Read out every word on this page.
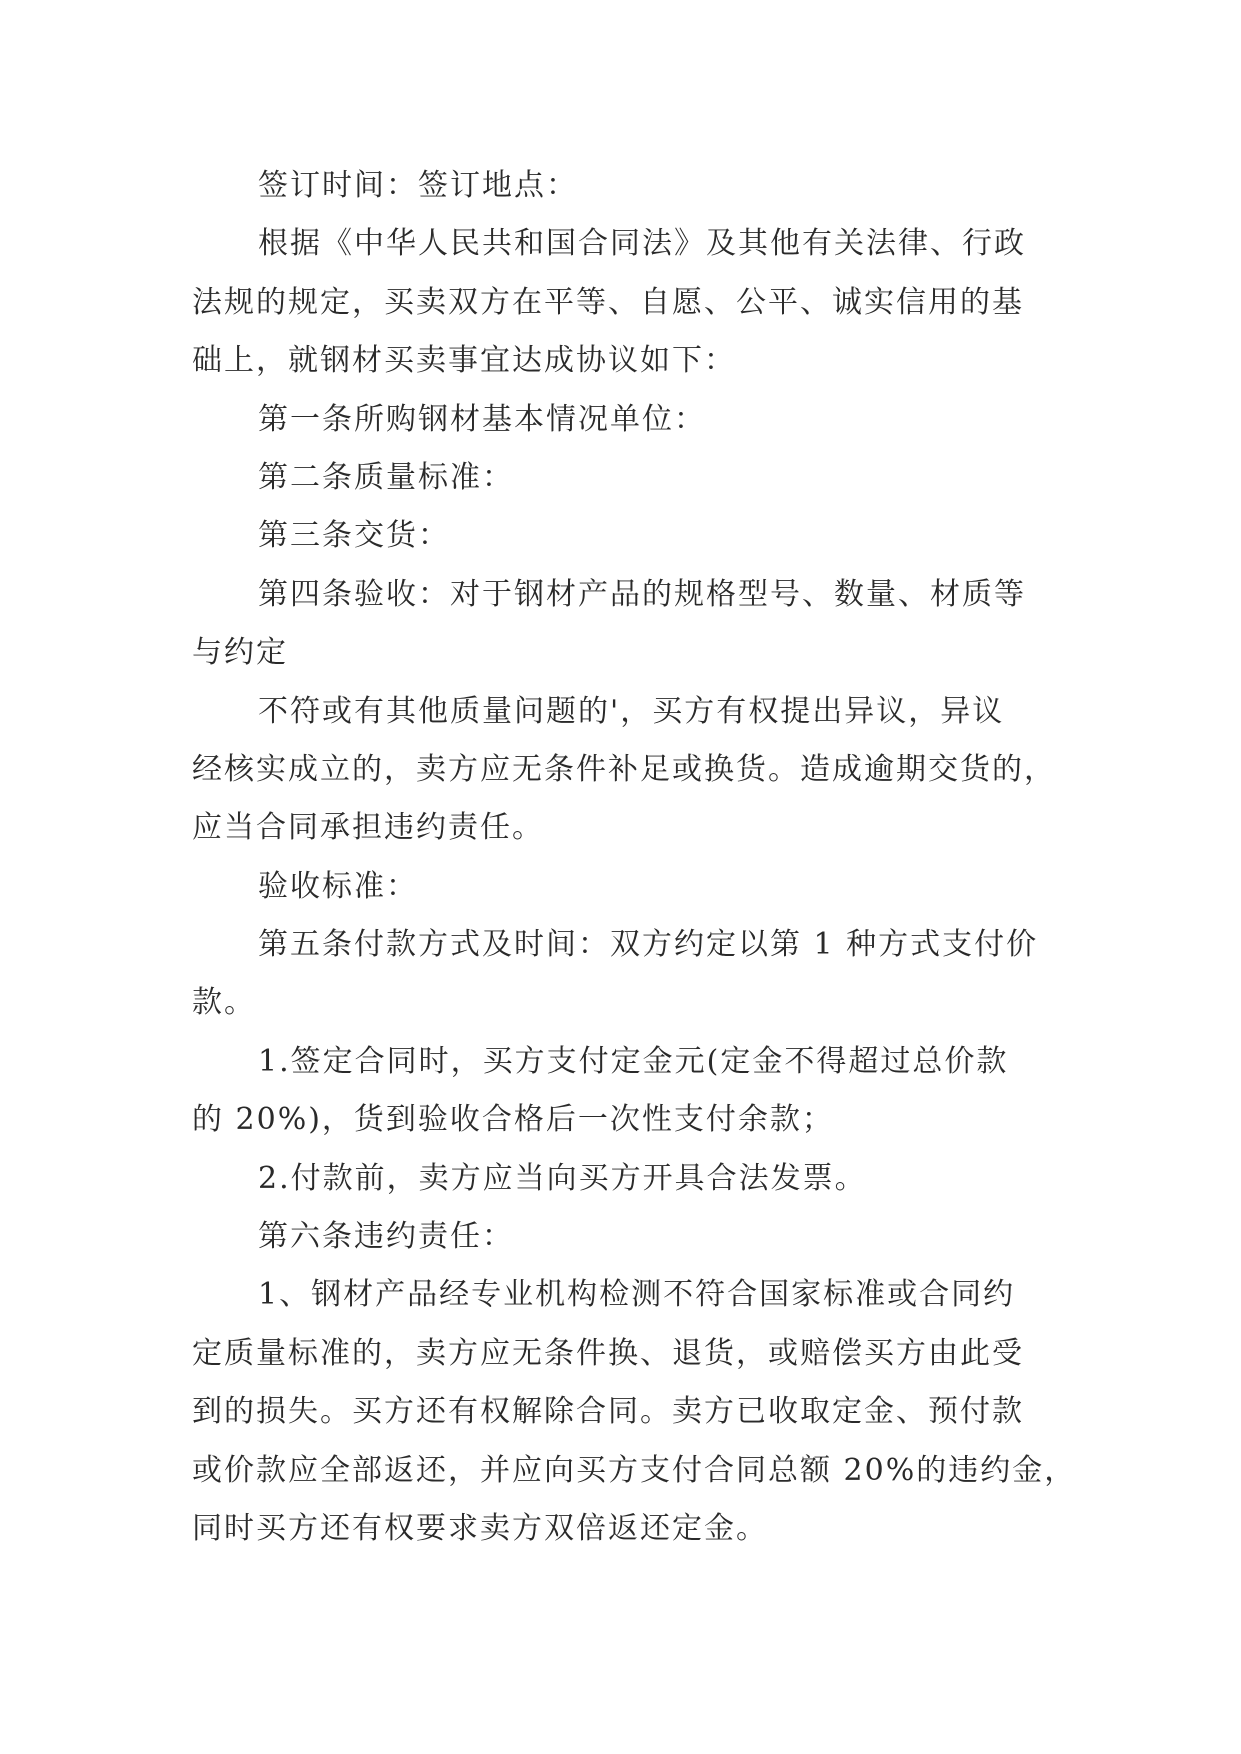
签订时间：签订地点：
根据《中华人民共和国合同法》及其他有关法律、行政
法规的规定，买卖双方在平等、自愿、公平、诚实信用的基
础上，就钢材买卖事宜达成协议如下：
第一条所购钢材基本情况单位：
第二条质量标准：
第三条交货：
第四条验收：对于钢材产品的规格型号、数量、材质等
与约定
不符或有其他质量问题的'，买方有权提出异议，异议
经核实成立的，卖方应无条件补足或换货。造成逾期交货的，
应当合同承担违约责任。
验收标准：
第五条付款方式及时间：双方约定以第 1 种方式支付价
款。
1.签定合同时，买方支付定金元(定金不得超过总价款
的 20%)，货到验收合格后一次性支付余款；
2.付款前，卖方应当向买方开具合法发票。
第六条违约责任：
1、钢材产品经专业机构检测不符合国家标准或合同约
定质量标准的，卖方应无条件换、退货，或赔偿买方由此受
到的损失。买方还有权解除合同。卖方已收取定金、预付款
或价款应全部返还，并应向买方支付合同总额 20%的违约金，
同时买方还有权要求卖方双倍返还定金。
